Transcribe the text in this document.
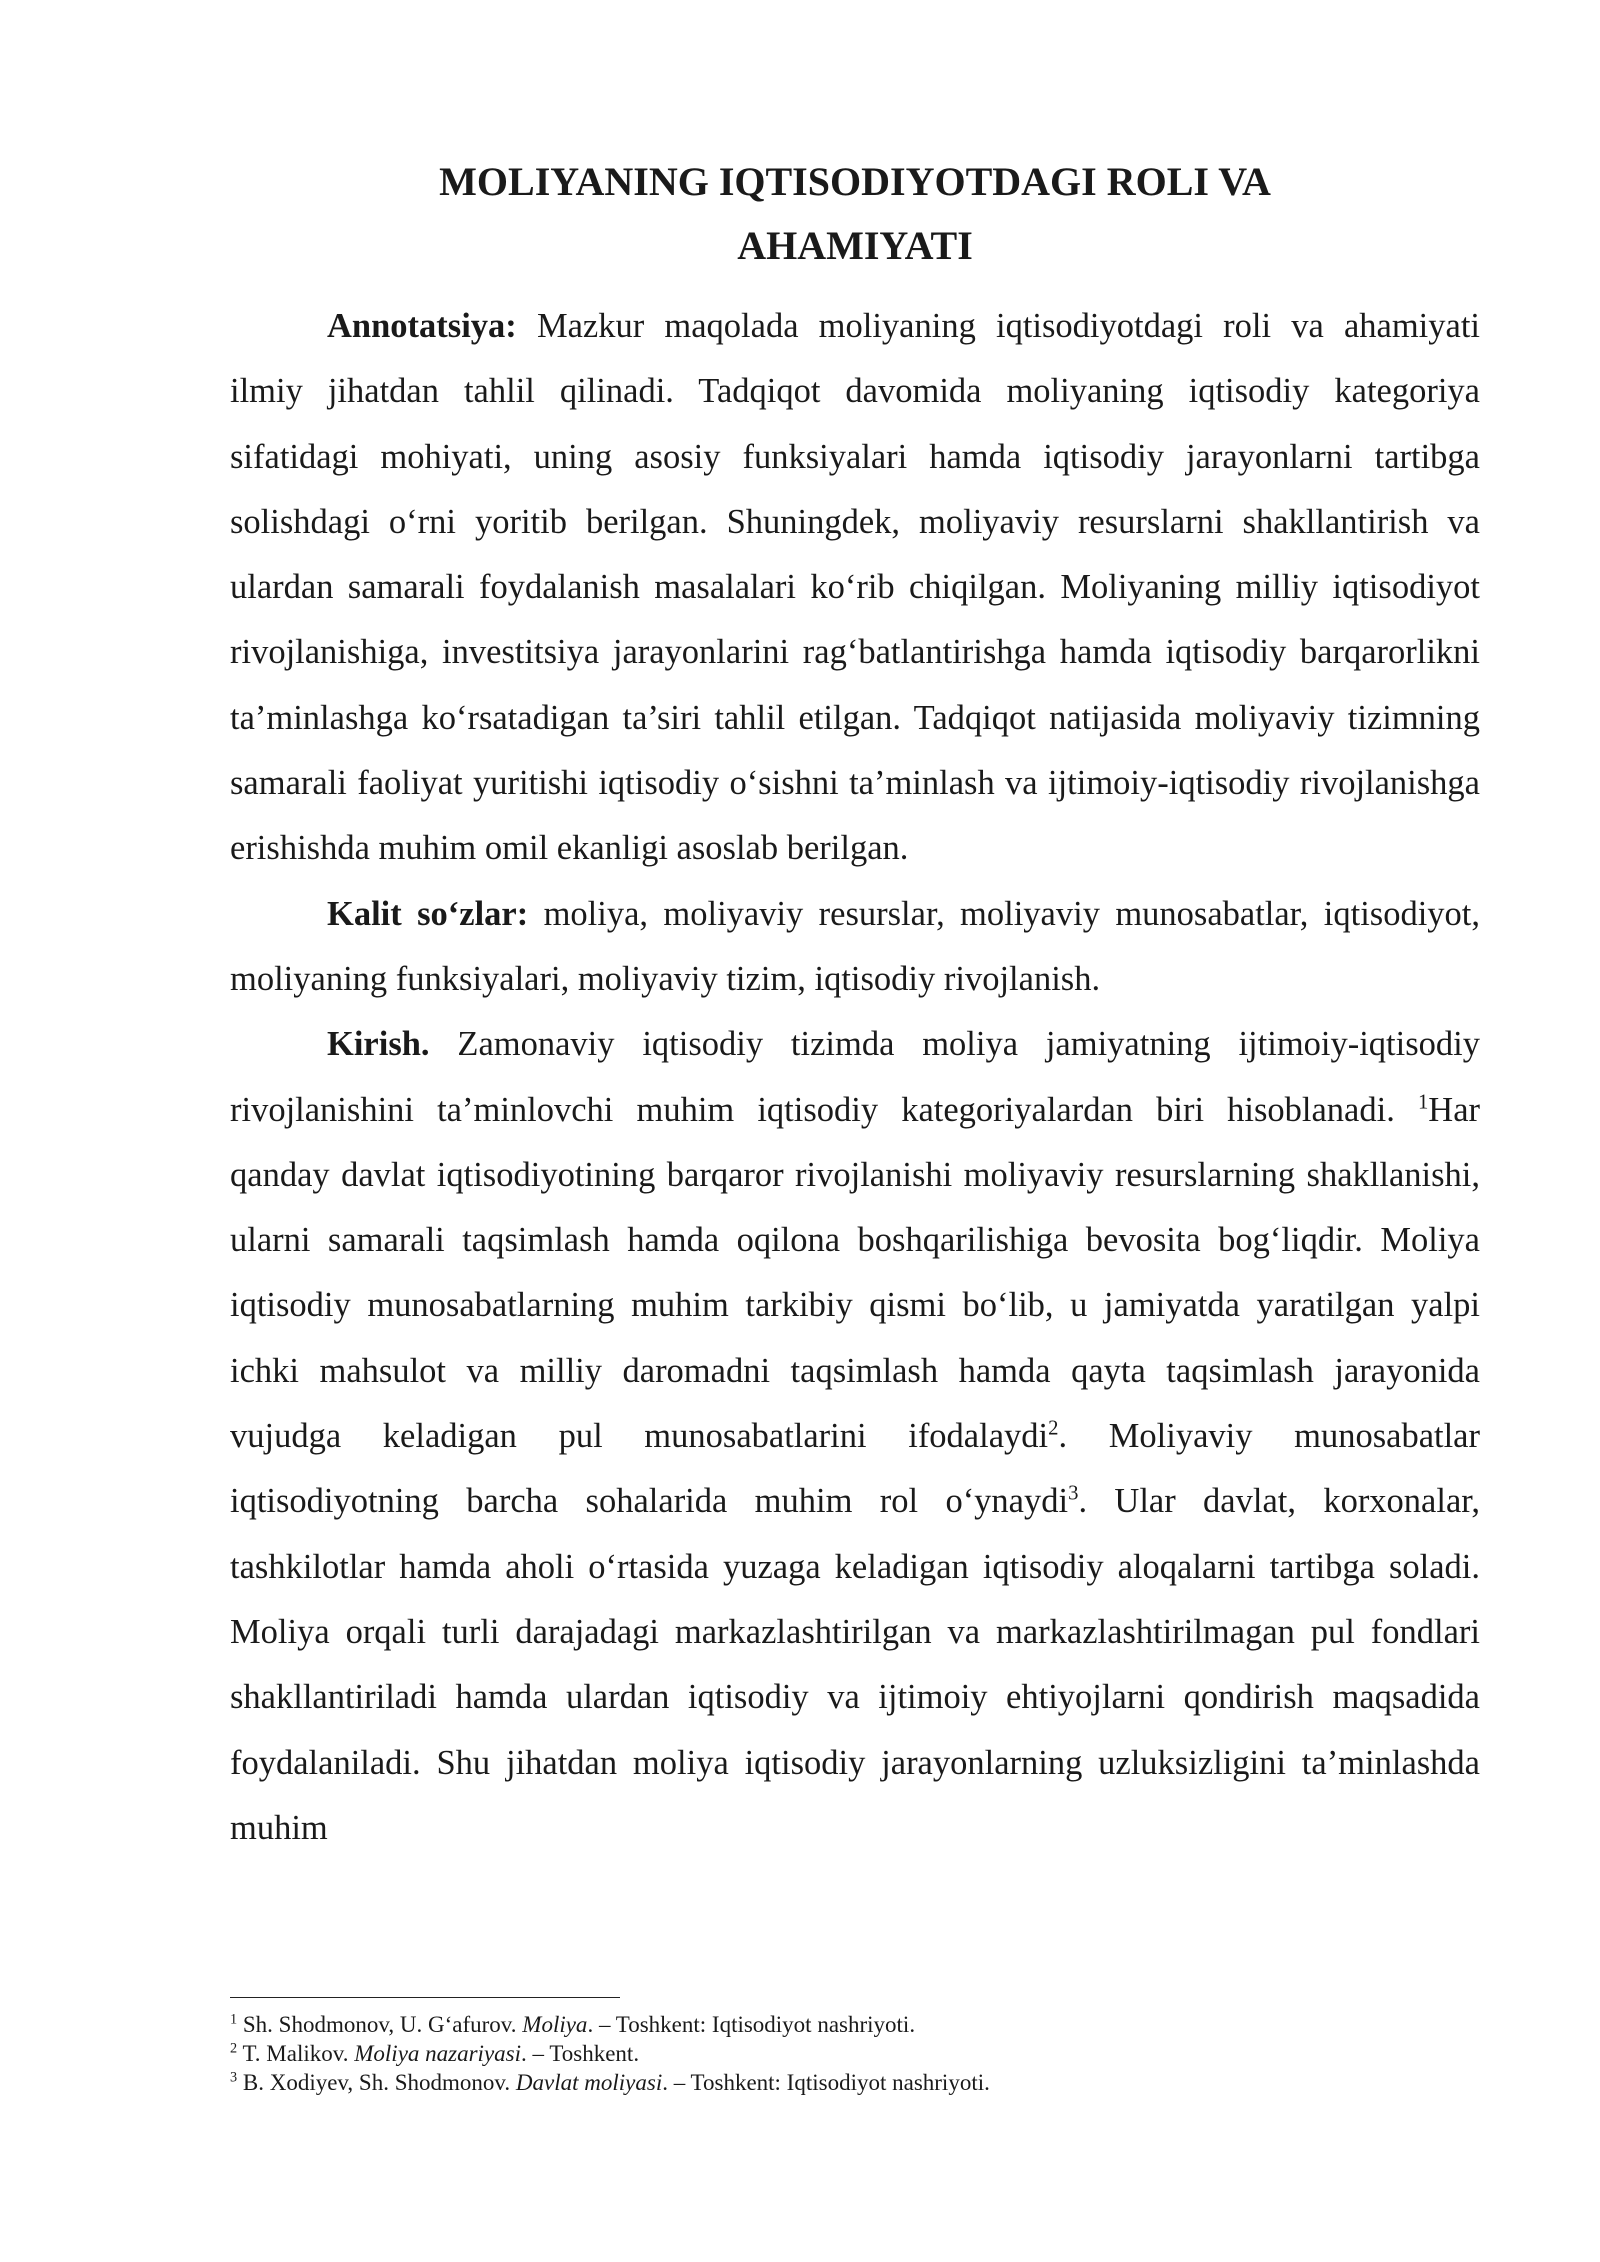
MOLIYANING IQTISODIYOTDAGI ROLI VA
AHAMIYATI

Annotatsiya: Mazkur maqolada moliyaning iqtisodiyotdagi roli va ahamiyati ilmiy jihatdan tahlil qilinadi. Tadqiqot davomida moliyaning iqtisodiy kategoriya sifatidagi mohiyati, uning asosiy funksiyalari hamda iqtisodiy jarayonlarni tartibga solishdagi o‘rni yoritib berilgan. Shuningdek, moliyaviy resurslarni shakllantirish va ulardan samarali foydalanish masalalari ko‘rib chiqilgan. Moliyaning milliy iqtisodiyot rivojlanishiga, investitsiya jarayonlarini rag‘batlantirishga hamda iqtisodiy barqarorlikni ta’minlashga ko‘rsatadigan ta’siri tahlil etilgan. Tadqiqot natijasida moliyaviy tizimning samarali faoliyat yuritishi iqtisodiy o‘sishni ta’minlash va ijtimoiy-iqtisodiy rivojlanishga erishishda muhim omil ekanligi asoslab berilgan.

Kalit so‘zlar: moliya, moliyaviy resurslar, moliyaviy munosabatlar, iqtisodiyot, moliyaning funksiyalari, moliyaviy tizim, iqtisodiy rivojlanish.

Kirish. Zamonaviy iqtisodiy tizimda moliya jamiyatning ijtimoiy-iqtisodiy rivojlanishini ta’minlovchi muhim iqtisodiy kategoriyalardan biri hisoblanadi. $^1$Har qanday davlat iqtisodiyotining barqaror rivojlanishi moliyaviy resurslarning shakllanishi, ularni samarali taqsimlash hamda oqilona boshqarilishiga bevosita bog‘liqdir. Moliya iqtisodiy munosabatlarning muhim tarkibiy qismi bo‘lib, u jamiyatda yaratilgan yalpi ichki mahsulot va milliy daromadni taqsimlash hamda qayta taqsimlash jarayonida vujudga keladigan pul munosabatlarini ifodalaydi$^2$. Moliyaviy munosabatlar iqtisodiyotning barcha sohalarida muhim rol o‘ynaydi$^3$. Ular davlat, korxonalar, tashkilotlar hamda aholi o‘rtasida yuzaga keladigan iqtisodiy aloqalarni tartibga soladi. Moliya orqali turli darajadagi markazlashtirilgan va markazlashtirilmagan pul fondlari shakllantiriladi hamda ulardan iqtisodiy va ijtimoiy ehtiyojlarni qondirish maqsadida foydalaniladi. Shu jihatdan moliya iqtisodiy jarayonlarning uzluksizligini ta’minlashda muhim

$^1$ Sh. Shodmonov, U. G‘afurov. Moliya. – Toshkent: Iqtisodiyot nashriyoti.

$^2$ T. Malikov. Moliya nazariyasi. – Toshkent.

$^3$ B. Xodiyev, Sh. Shodmonov. Davlat moliyasi. – Toshkent: Iqtisodiyot nashriyoti.
